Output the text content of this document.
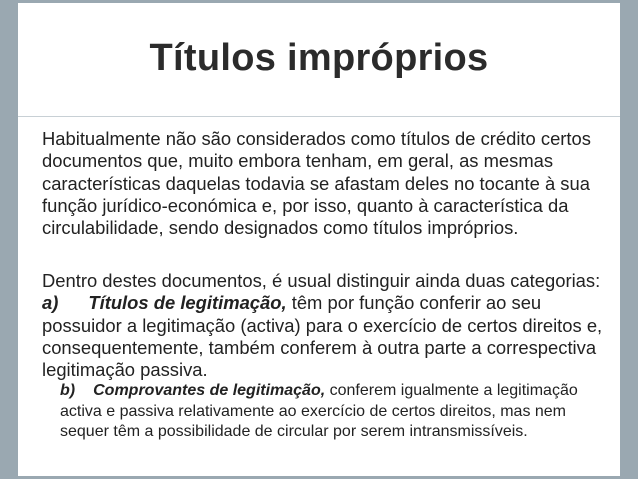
Títulos impróprios
Habitualmente não são considerados como títulos de crédito certos documentos que, muito embora tenham, em geral, as mesmas características daquelas todavia se afastam deles no tocante à sua função jurídico-económica e, por isso, quanto à característica da circulabilidade, sendo designados como títulos impróprios.
Dentro destes documentos, é usual distinguir ainda duas categorias: a) Títulos de legitimação, têm por função conferir ao seu possuidor a legitimação (activa) para o exercício de certos direitos e, consequentemente, também conferem à outra parte a correspectiva legitimação passiva.
b) Comprovantes de legitimação, conferem igualmente a legitimação activa e passiva relativamente ao exercício de certos direitos, mas nem sequer têm a possibilidade de circular por serem intransmissíveis.
